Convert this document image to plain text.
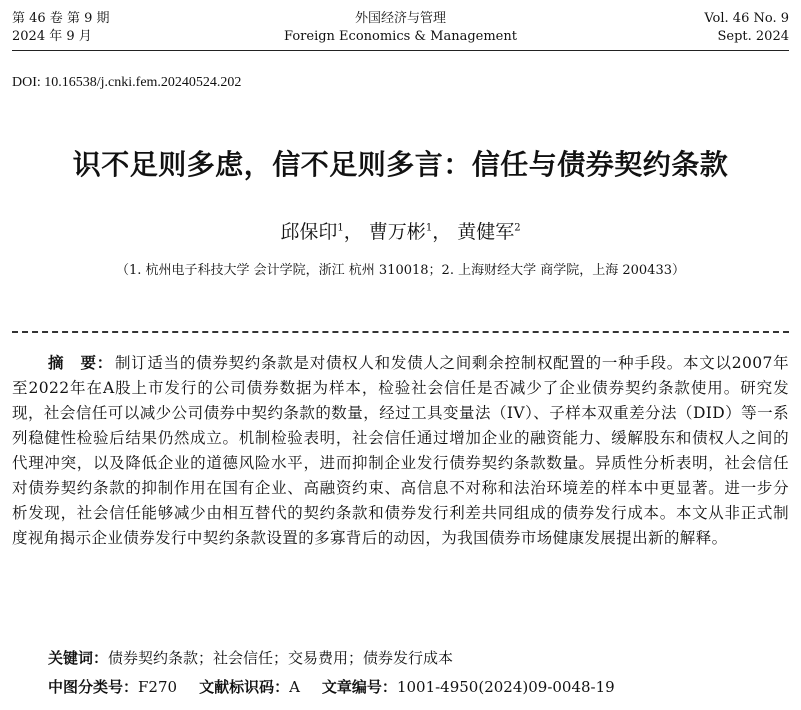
第 46 卷 第 9 期
2024 年 9 月
外国经济与管理
Foreign Economics & Management
Vol. 46 No. 9
Sept. 2024
DOI: 10.16538/j.cnki.fem.20240524.202
识不足则多虑，信不足则多言：信任与债券契约条款
邱保印$^1$， 曹万彬$^1$， 黄健军$^2$
（1. 杭州电子科技大学 会计学院，浙江 杭州 310018；2. 上海财经大学 商学院，上海 200433）
摘　要： 制订适当的债券契约条款是对债权人和发债人之间剩余控制权配置的一种手段。本文以2007年至2022年在A股上市发行的公司债券数据为样本，检验社会信任是否减少了企业债券契约条款使用。研究发现，社会信任可以减少公司债券中契约条款的数量，经过工具变量法（IV）、子样本双重差分法（DID）等一系列稳健性检验后结果仍然成立。机制检验表明，社会信任通过增加企业的融资能力、缓解股东和债权人之间的代理冲突，以及降低企业的道德风险水平，进而抑制企业发行债券契约条款数量。异质性分析表明，社会信任对债券契约条款的抑制作用在国有企业、高融资约束、高信息不对称和法治环境差的样本中更显著。进一步分析发现，社会信任能够减少由相互替代的契约条款和债券发行利差共同组成的债券发行成本。本文从非正式制度视角揭示企业债券发行中契约条款设置的多寡背后的动因，为我国债券市场健康发展提出新的解释。
关键词：债券契约条款；社会信任；交易费用；债券发行成本
中图分类号：F270 文献标识码：A 文章编号：1001-4950(2024)09-0048-19
